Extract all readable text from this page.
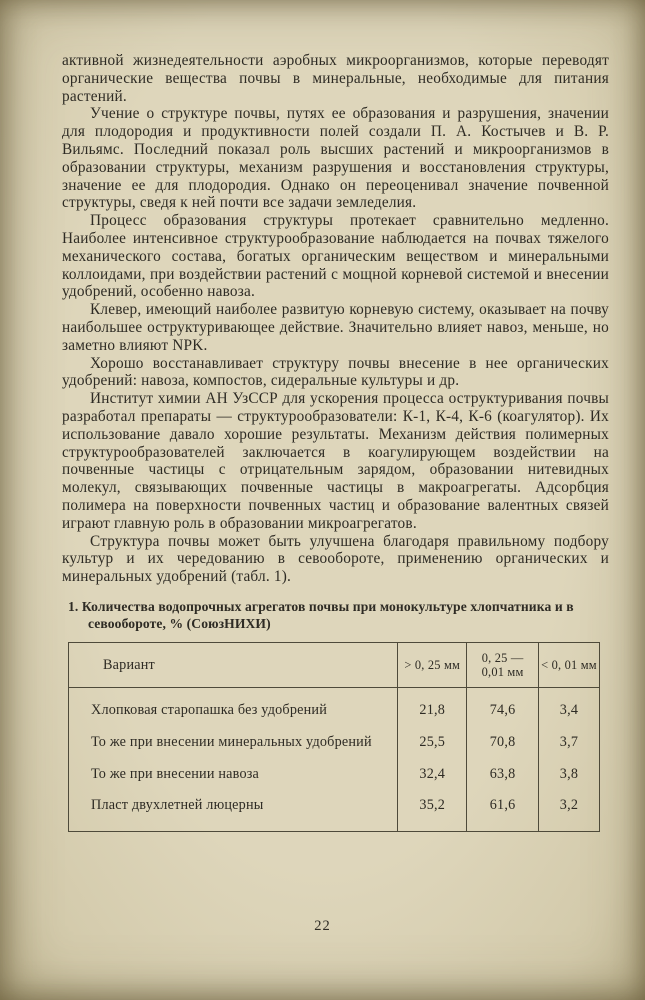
активной жизнедеятельности аэробных микроорганизмов, которые переводят органические вещества почвы в минеральные, необходимые для питания растений.

Учение о структуре почвы, путях ее образования и разрушения, значении для плодородия и продуктивности полей создали П. А. Костычев и В. Р. Вильямс. Последний показал роль высших растений и микроорганизмов в образовании структуры, механизм разрушения и восстановления структуры, значение ее для плодородия. Однако он переоценивал значение почвенной структуры, сведя к ней почти все задачи земледелия.

Процесс образования структуры протекает сравнительно медленно. Наиболее интенсивное структурообразование наблюдается на почвах тяжелого механического состава, богатых органическим веществом и минеральными коллоидами, при воздействии растений с мощной корневой системой и внесении удобрений, особенно навоза.

Клевер, имеющий наиболее развитую корневую систему, оказывает на почву наибольшее оструктуривающее действие. Значительно влияет навоз, меньше, но заметно влияют NPK.

Хорошо восстанавливает структуру почвы внесение в нее органических удобрений: навоза, компостов, сидеральные культуры и др.

Институт химии АН УзССР для ускорения процесса оструктуривания почвы разработал препараты — структурообразователи: К-1, К-4, К-6 (коагулятор). Их использование давало хорошие результаты. Механизм действия полимерных структурообразователей заключается в коагулирующем воздействии на почвенные частицы с отрицательным зарядом, образовании нитевидных молекул, связывающих почвенные частицы в макроагрегаты. Адсорбция полимера на поверхности почвенных частиц и образование валентных связей играют главную роль в образовании микроагрегатов.

Структура почвы может быть улучшена благодаря правильному подбору культур и их чередованию в севообороте, применению органических и минеральных удобрений (табл. 1).

1. Количества водопрочных агрегатов почвы при монокультуре хлопчатника и в севообороте, % (СоюзНИХИ)
Вариант	> 0, 25 мм	0, 25 — 0,01 мм	< 0, 01 мм
Хлопковая старопашка без удобрений	21,8	74,6	3,4
То же при внесении минеральных удобрений	25,5	70,8	3,7
То же при внесении навоза	32,4	63,8	3,8
Пласт двухлетней люцерны	35,2	61,6	3,2
22
